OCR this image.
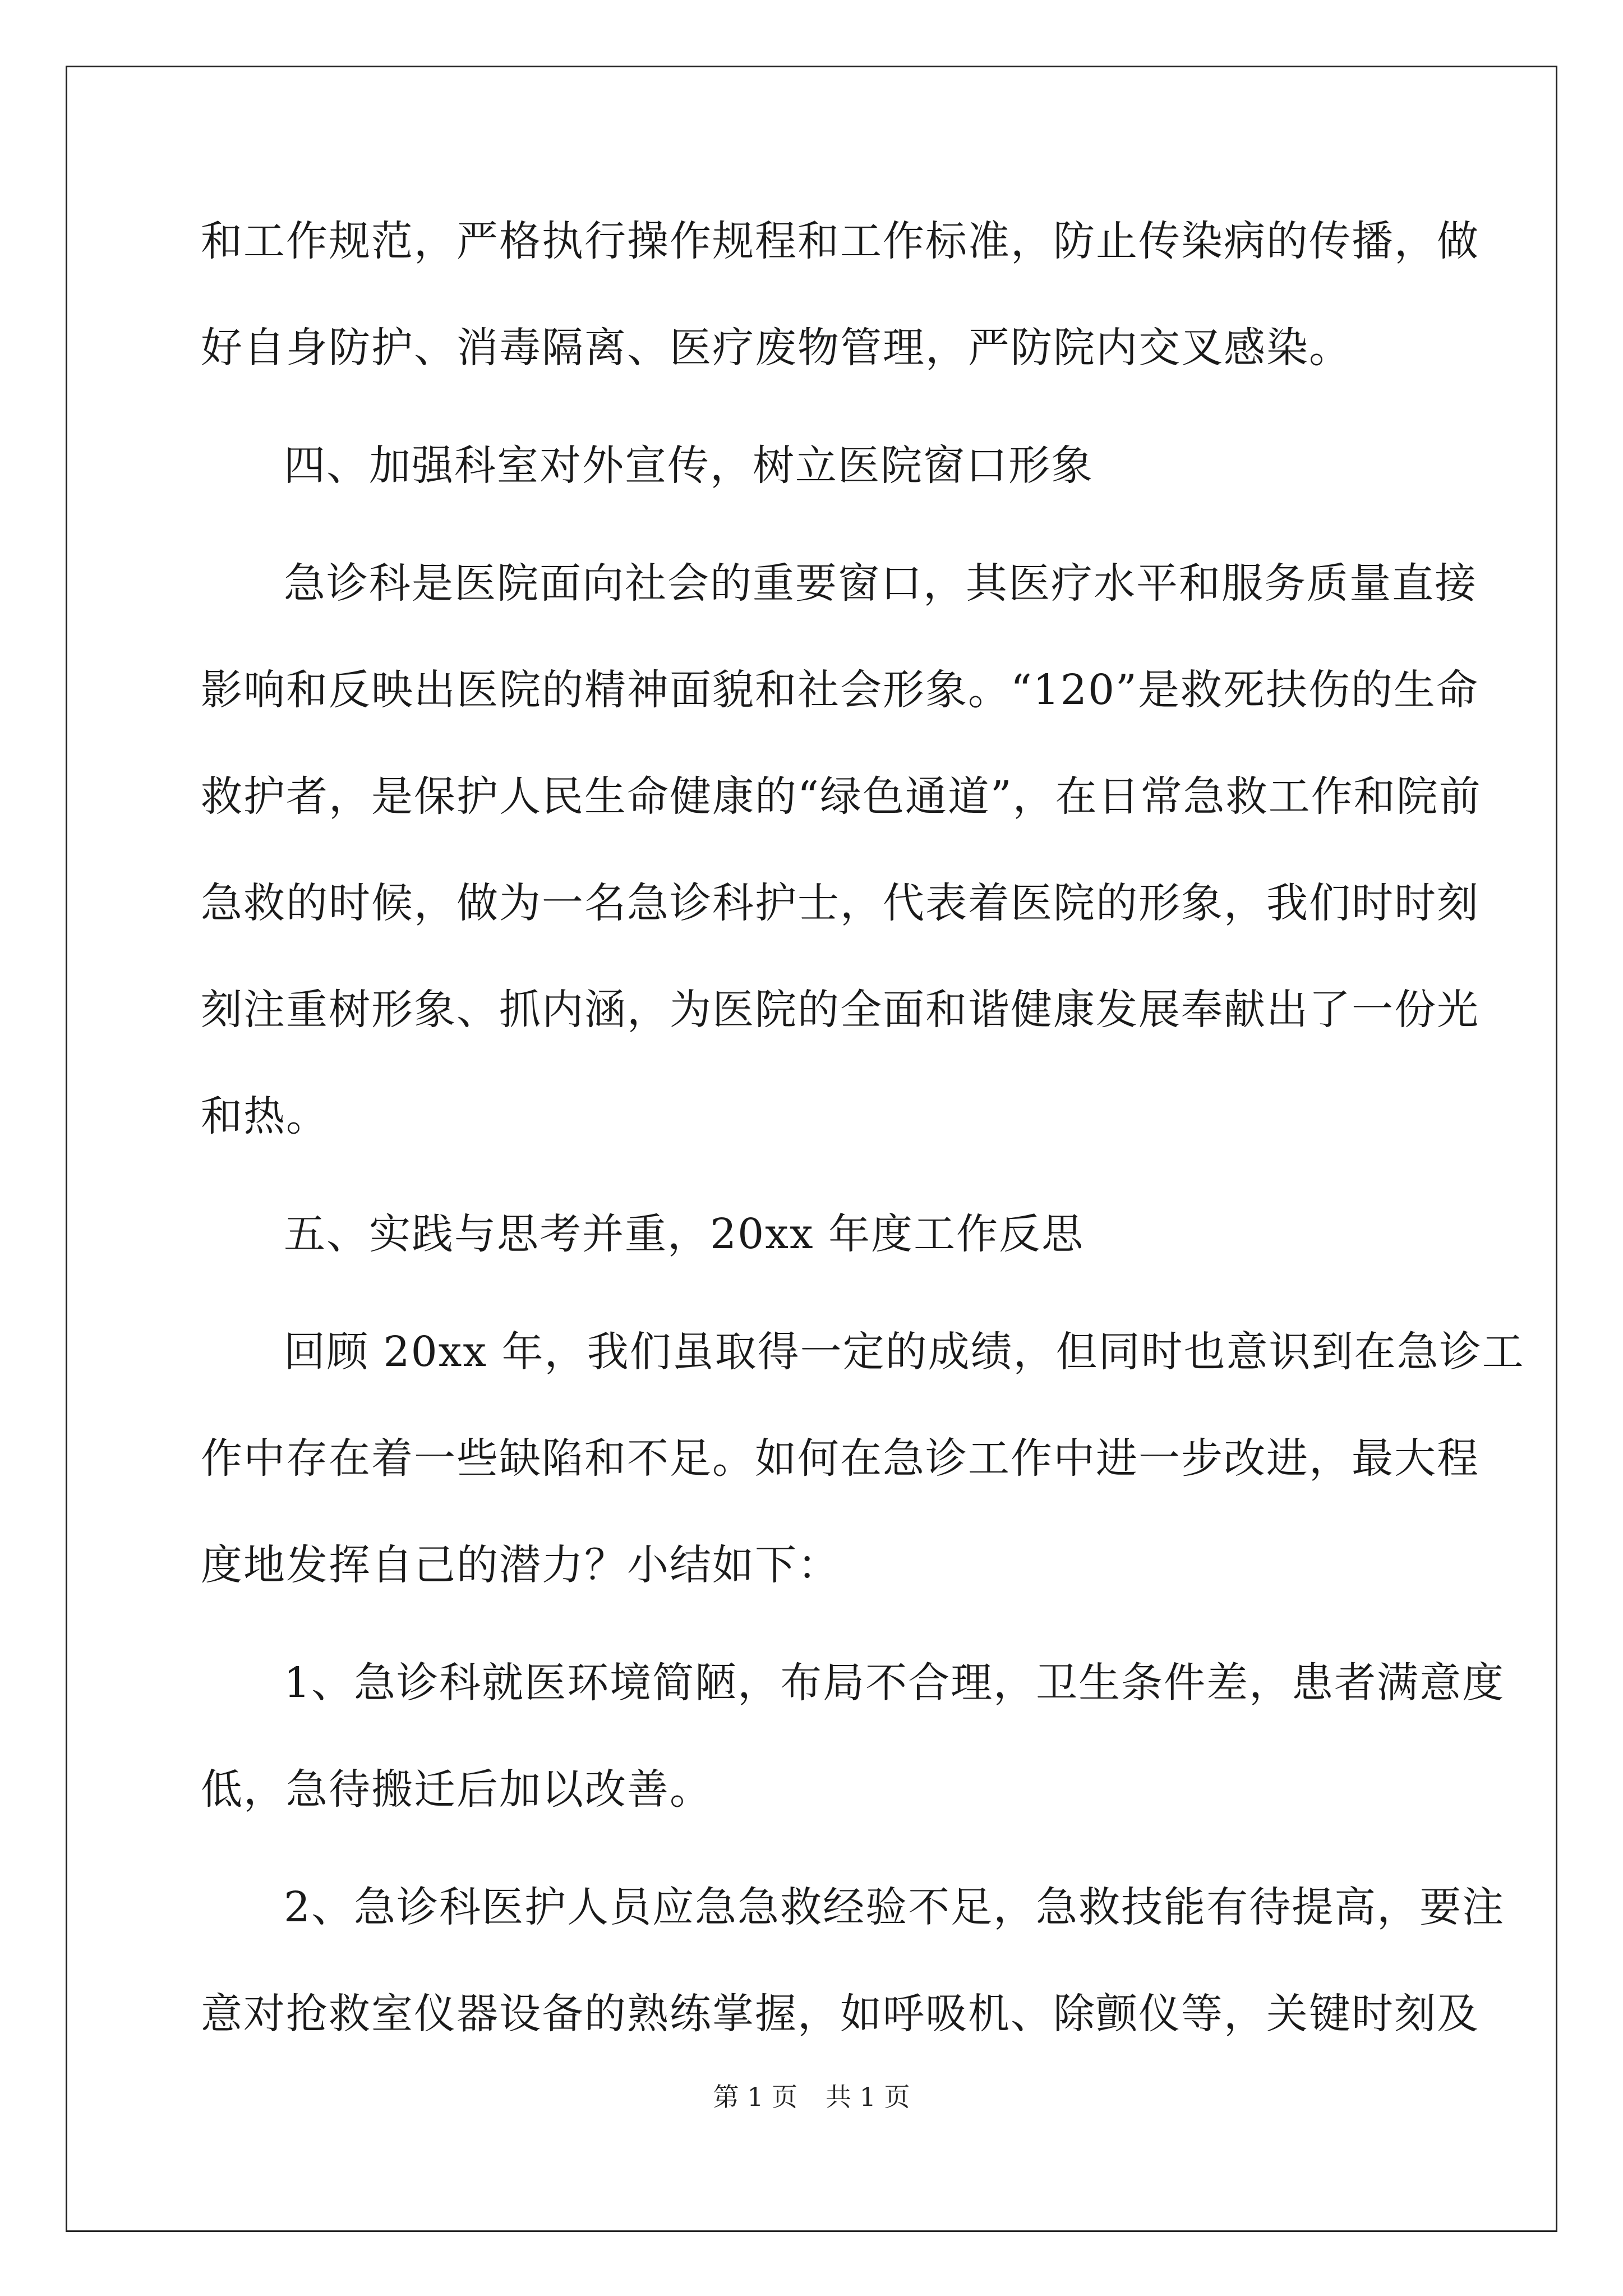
和工作规范，严格执行操作规程和工作标准，防止传染病的传播，做
好自身防护、消毒隔离、医疗废物管理，严防院内交叉感染。
四、加强科室对外宣传，树立医院窗口形象
急诊科是医院面向社会的重要窗口，其医疗水平和服务质量直接
影响和反映出医院的精神面貌和社会形象。“120”是救死扶伤的生命
救护者，是保护人民生命健康的“绿色通道”，在日常急救工作和院前
急救的时候，做为一名急诊科护士，代表着医院的形象，我们时时刻
刻注重树形象、抓内涵，为医院的全面和谐健康发展奉献出了一份光
和热。
五、实践与思考并重，20xx 年度工作反思
回顾 20xx 年，我们虽取得一定的成绩，但同时也意识到在急诊工
作中存在着一些缺陷和不足。如何在急诊工作中进一步改进，最大程
度地发挥自己的潜力？小结如下：
1、急诊科就医环境简陋，布局不合理，卫生条件差，患者满意度
低，急待搬迁后加以改善。
2、急诊科医护人员应急急救经验不足，急救技能有待提高，要注
意对抢救室仪器设备的熟练掌握，如呼吸机、除颤仪等，关键时刻及
第 1 页 共 1 页
